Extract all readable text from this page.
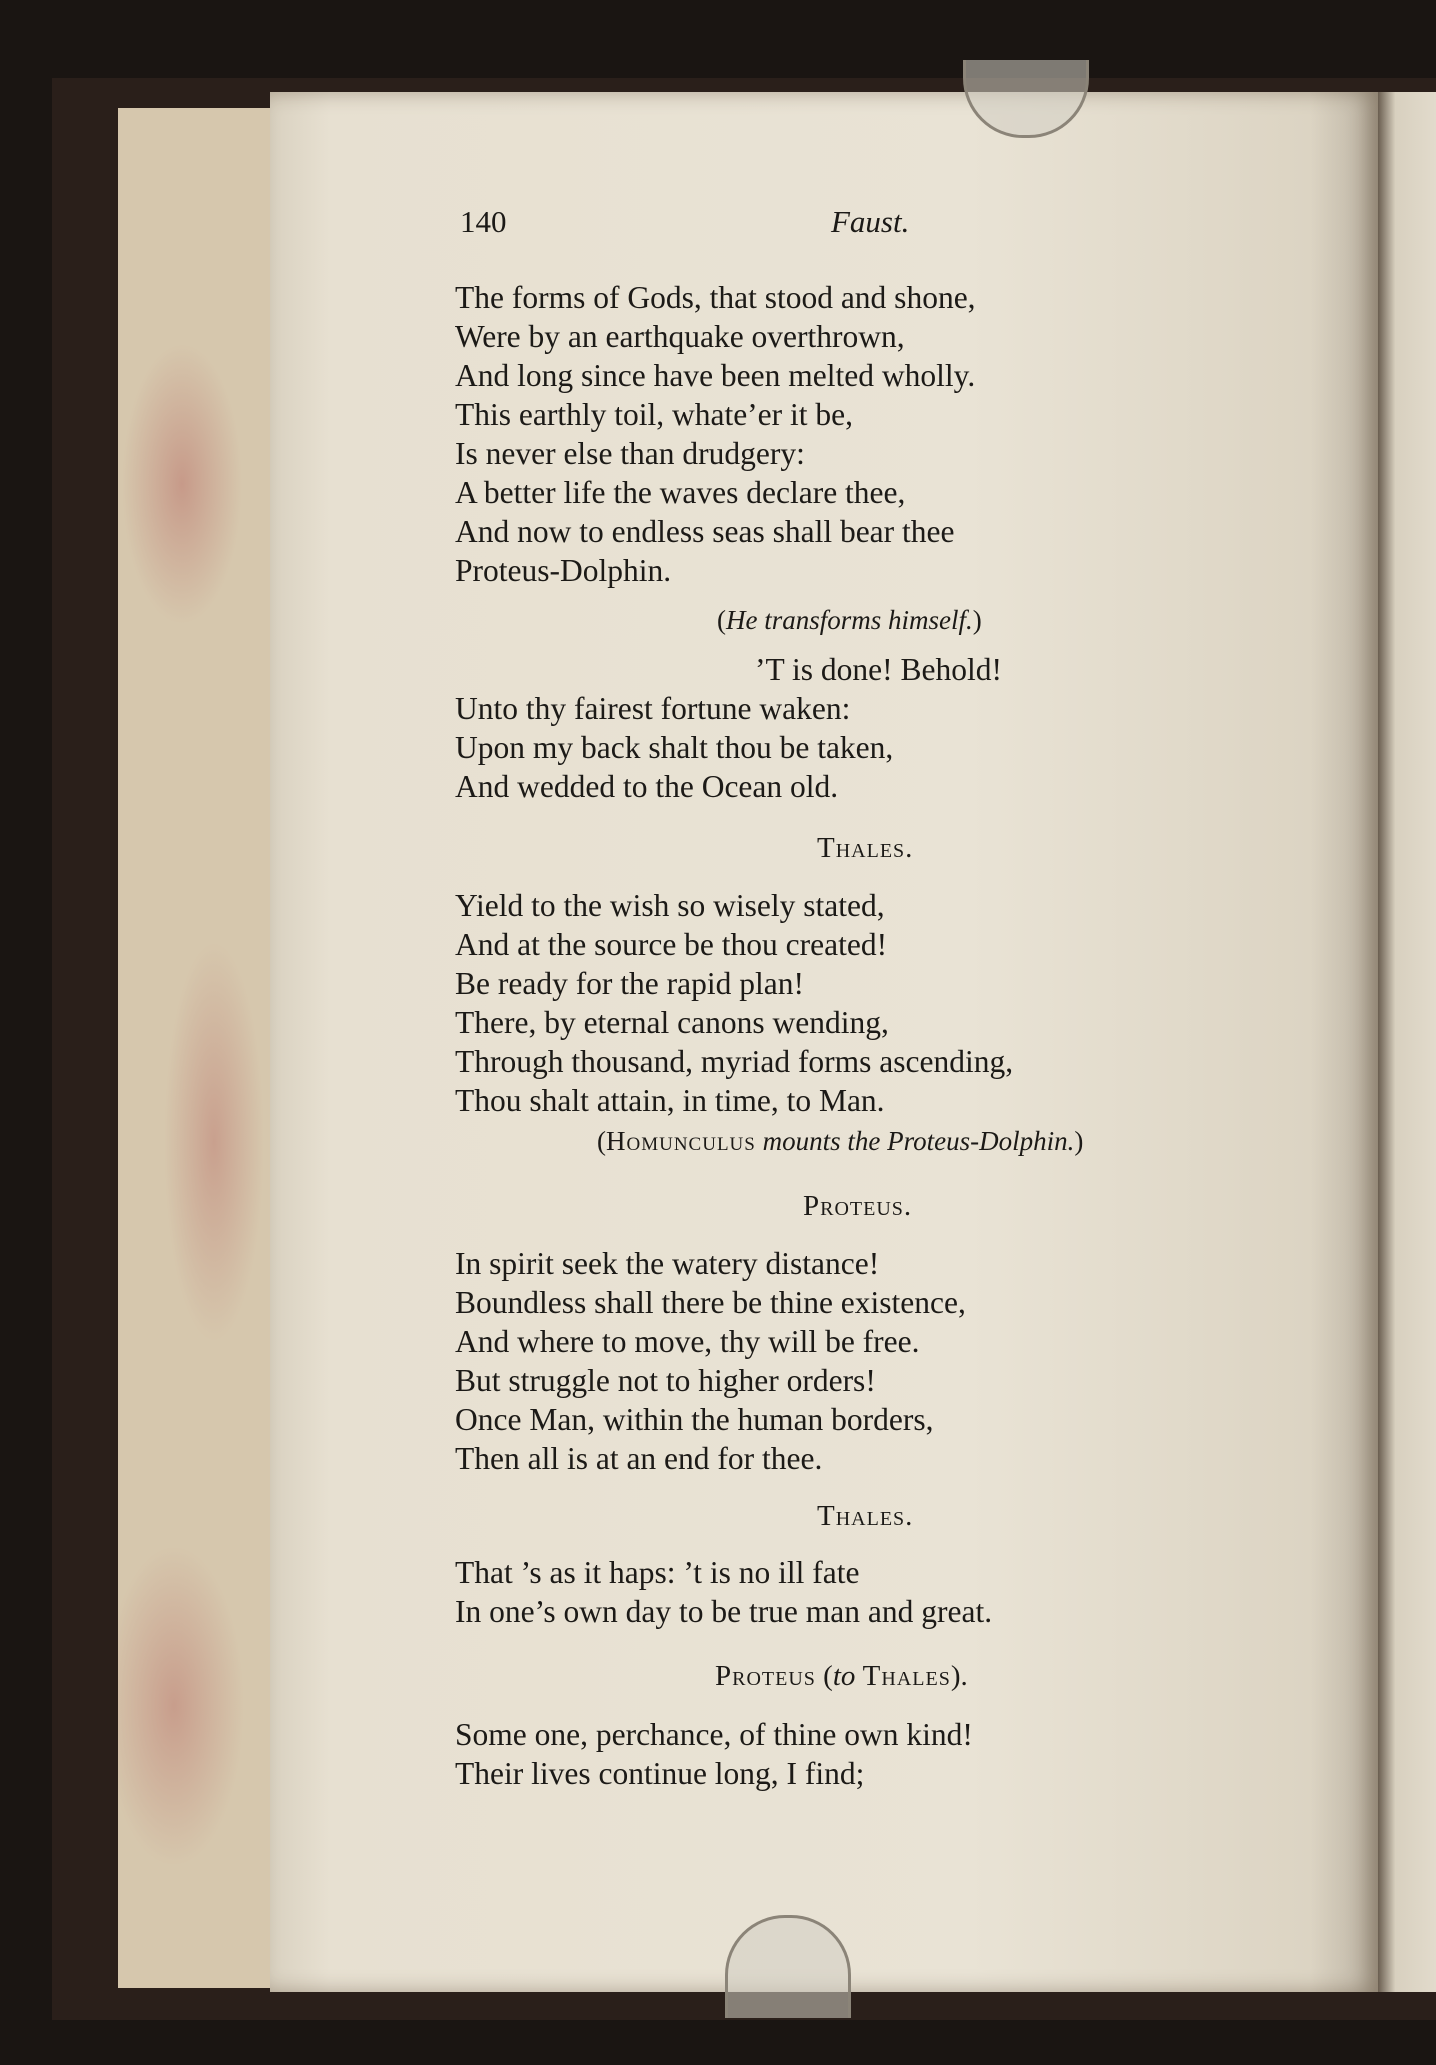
140	Faust.
The forms of Gods, that stood and shone,
Were by an earthquake overthrown,
And long since have been melted wholly.
This earthly toil, whate’er it be,
Is never else than drudgery:
A better life the waves declare thee,
And now to endless seas shall bear thee
Proteus-Dolphin.
(He transforms himself.)
’T is done! Behold!
Unto thy fairest fortune waken:
Upon my back shalt thou be taken,
And wedded to the Ocean old.
Thales.
Yield to the wish so wisely stated,
And at the source be thou created!
Be ready for the rapid plan!
There, by eternal canons wending,
Through thousand, myriad forms ascending,
Thou shalt attain, in time, to Man.
(Homunculus mounts the Proteus-Dolphin.)
Proteus.
In spirit seek the watery distance!
Boundless shall there be thine existence,
And where to move, thy will be free.
But struggle not to higher orders!
Once Man, within the human borders,
Then all is at an end for thee.
Thales.
That ’s as it haps: ’t is no ill fate
In one’s own day to be true man and great.
Proteus (to Thales).
Some one, perchance, of thine own kind!
Their lives continue long, I find;
